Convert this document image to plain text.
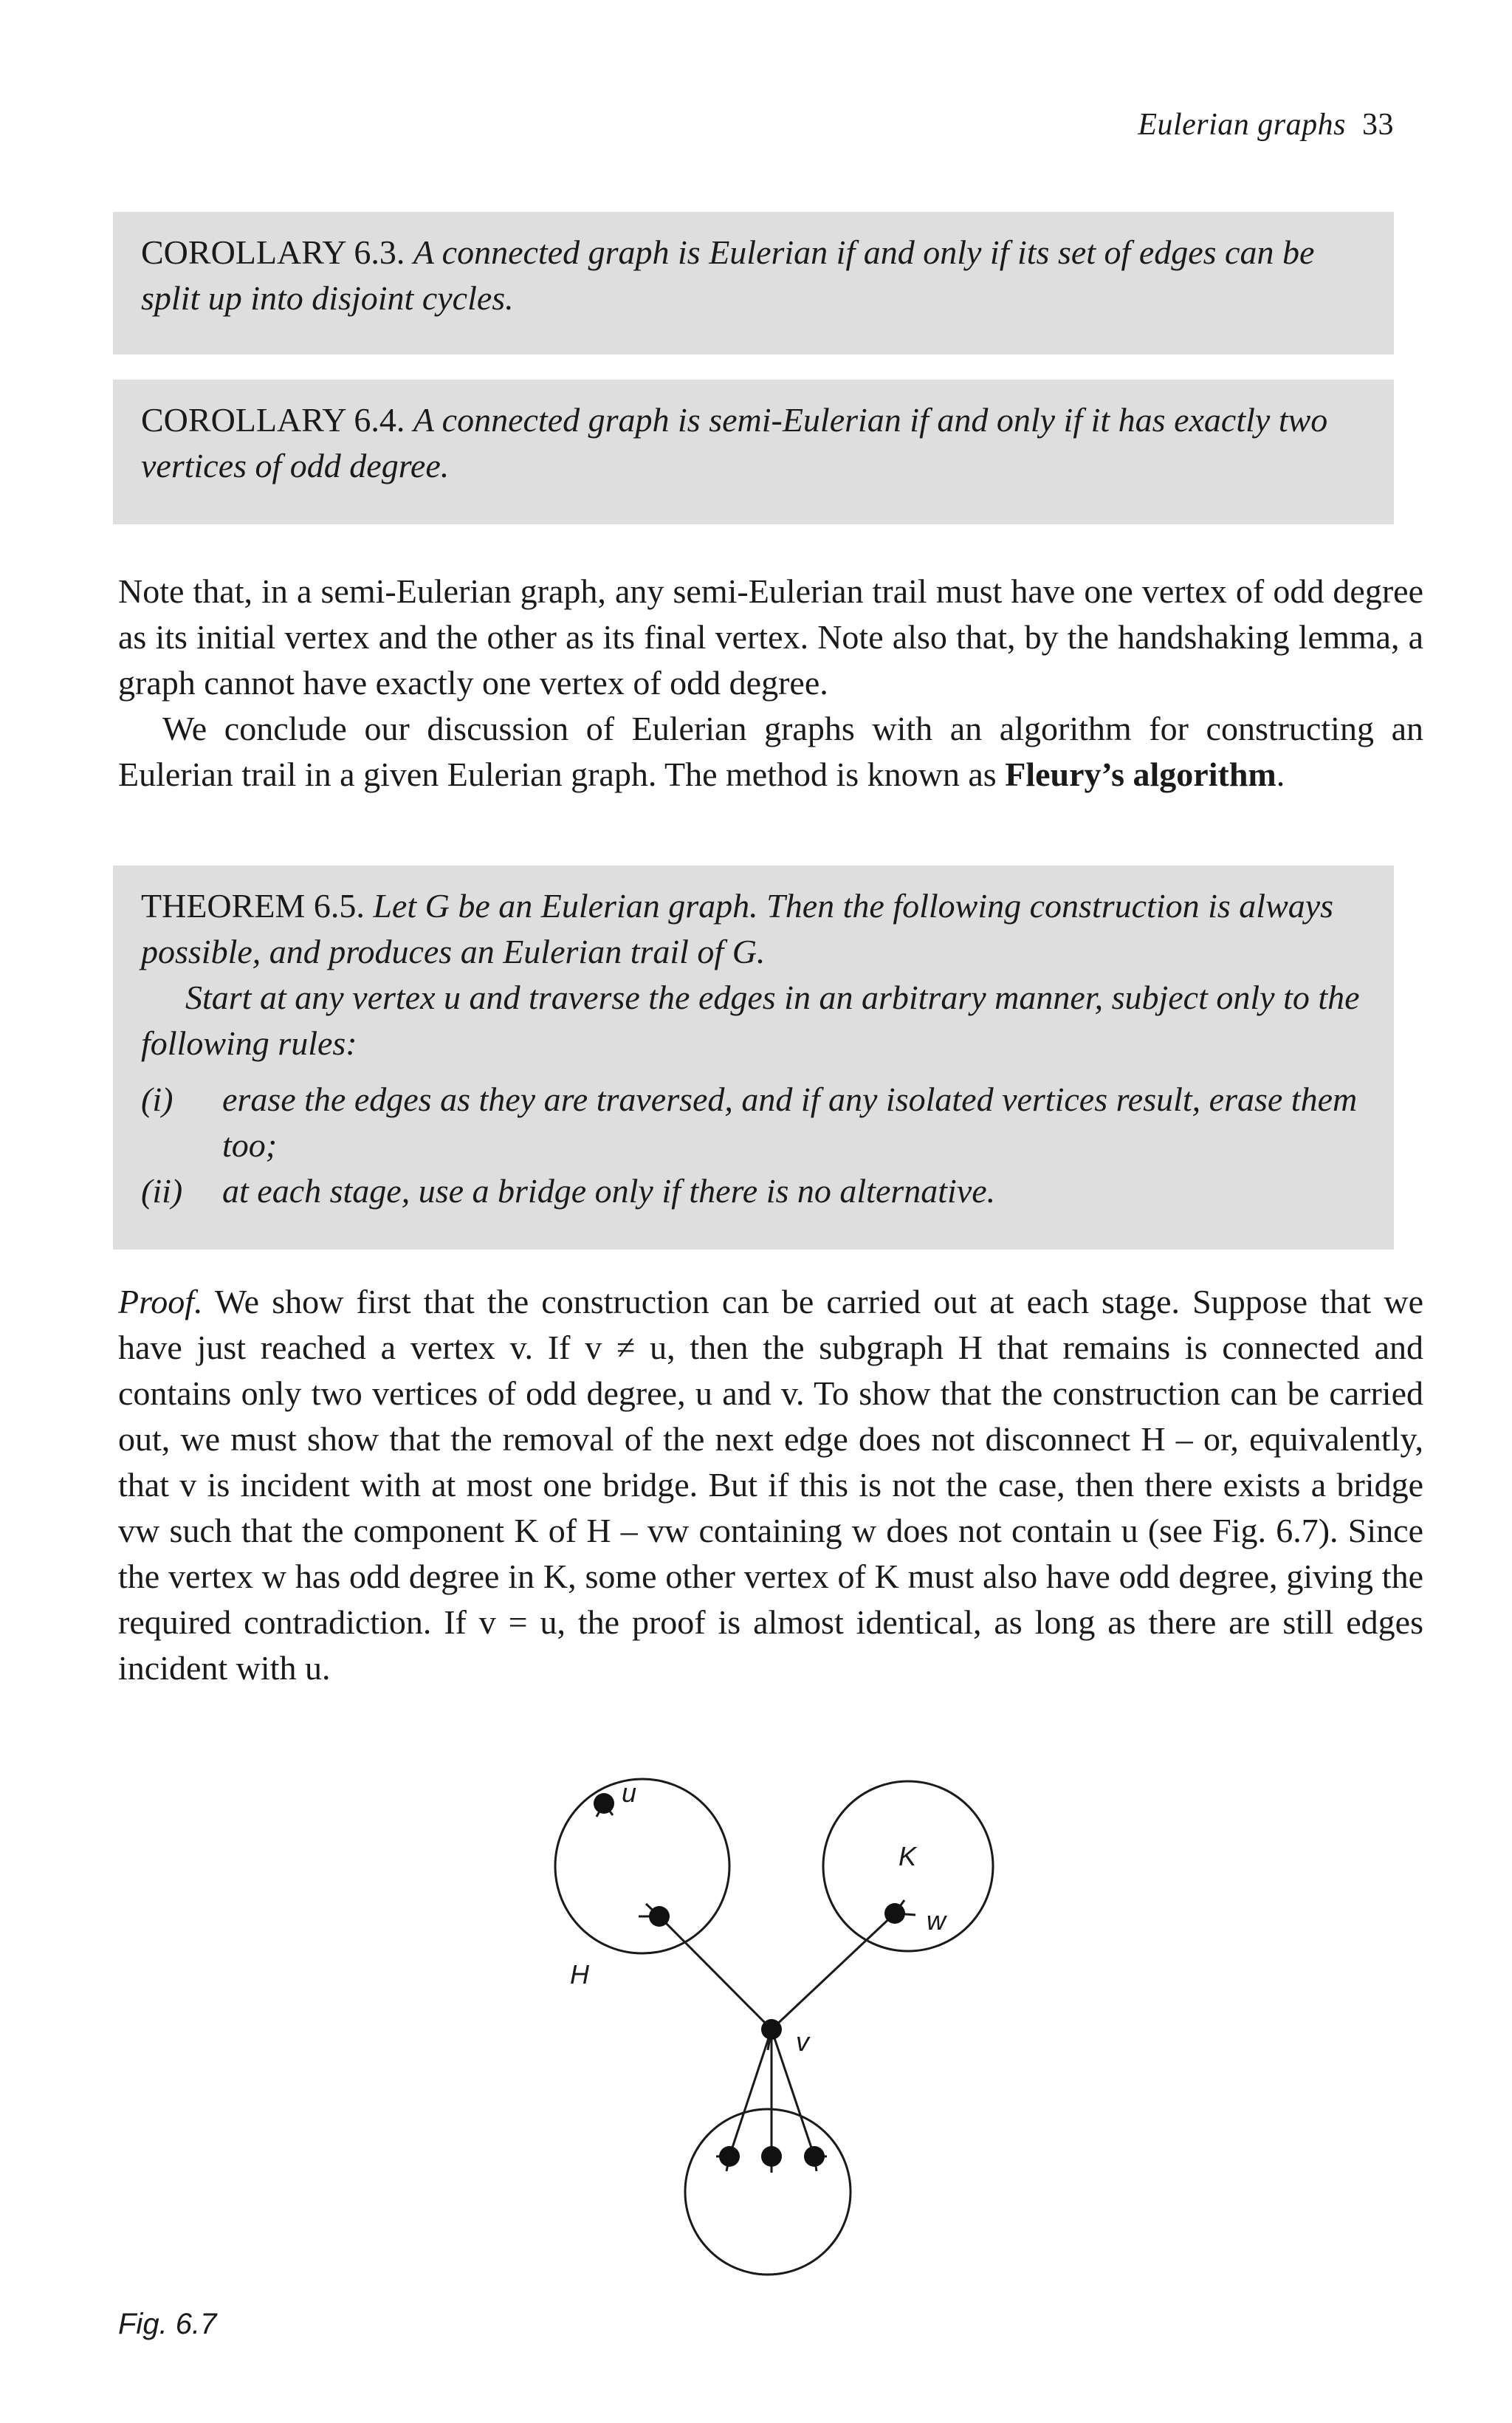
Eulerian graphs 33
COROLLARY 6.3. A connected graph is Eulerian if and only if its set of edges can be split up into disjoint cycles.
COROLLARY 6.4. A connected graph is semi-Eulerian if and only if it has exactly two vertices of odd degree.

Note that, in a semi-Eulerian graph, any semi-Eulerian trail must have one vertex of odd degree as its initial vertex and the other as its final vertex. Note also that, by the handshaking lemma, a graph cannot have exactly one vertex of odd degree.

We conclude our discussion of Eulerian graphs with an algorithm for constructing an Eulerian trail in a given Eulerian graph. The method is known as Fleury’s algorithm.

THEOREM 6.5. Let G be an Eulerian graph. Then the following construction is always possible, and produces an Eulerian trail of G.
Start at any vertex u and traverse the edges in an arbitrary manner, subject only to the following rules:
(i)	erase the edges as they are traversed, and if any isolated vertices result, erase them too;
(ii)	at each stage, use a bridge only if there is no alternative.

Proof. We show first that the construction can be carried out at each stage. Suppose that we have just reached a vertex v. If v ≠ u, then the subgraph H that remains is connected and contains only two vertices of odd degree, u and v. To show that the construction can be carried out, we must show that the removal of the next edge does not disconnect H – or, equivalently, that v is incident with at most one bridge. But if this is not the case, then there exists a bridge vw such that the component K of H – vw containing w does not contain u (see Fig. 6.7). Since the vertex w has odd degree in K, some other vertex of K must also have odd degree, giving the required contradiction. If v = u, the proof is almost identical, as long as there are still edges incident with u.

u
K
w
H
v
Fig. 6.7
